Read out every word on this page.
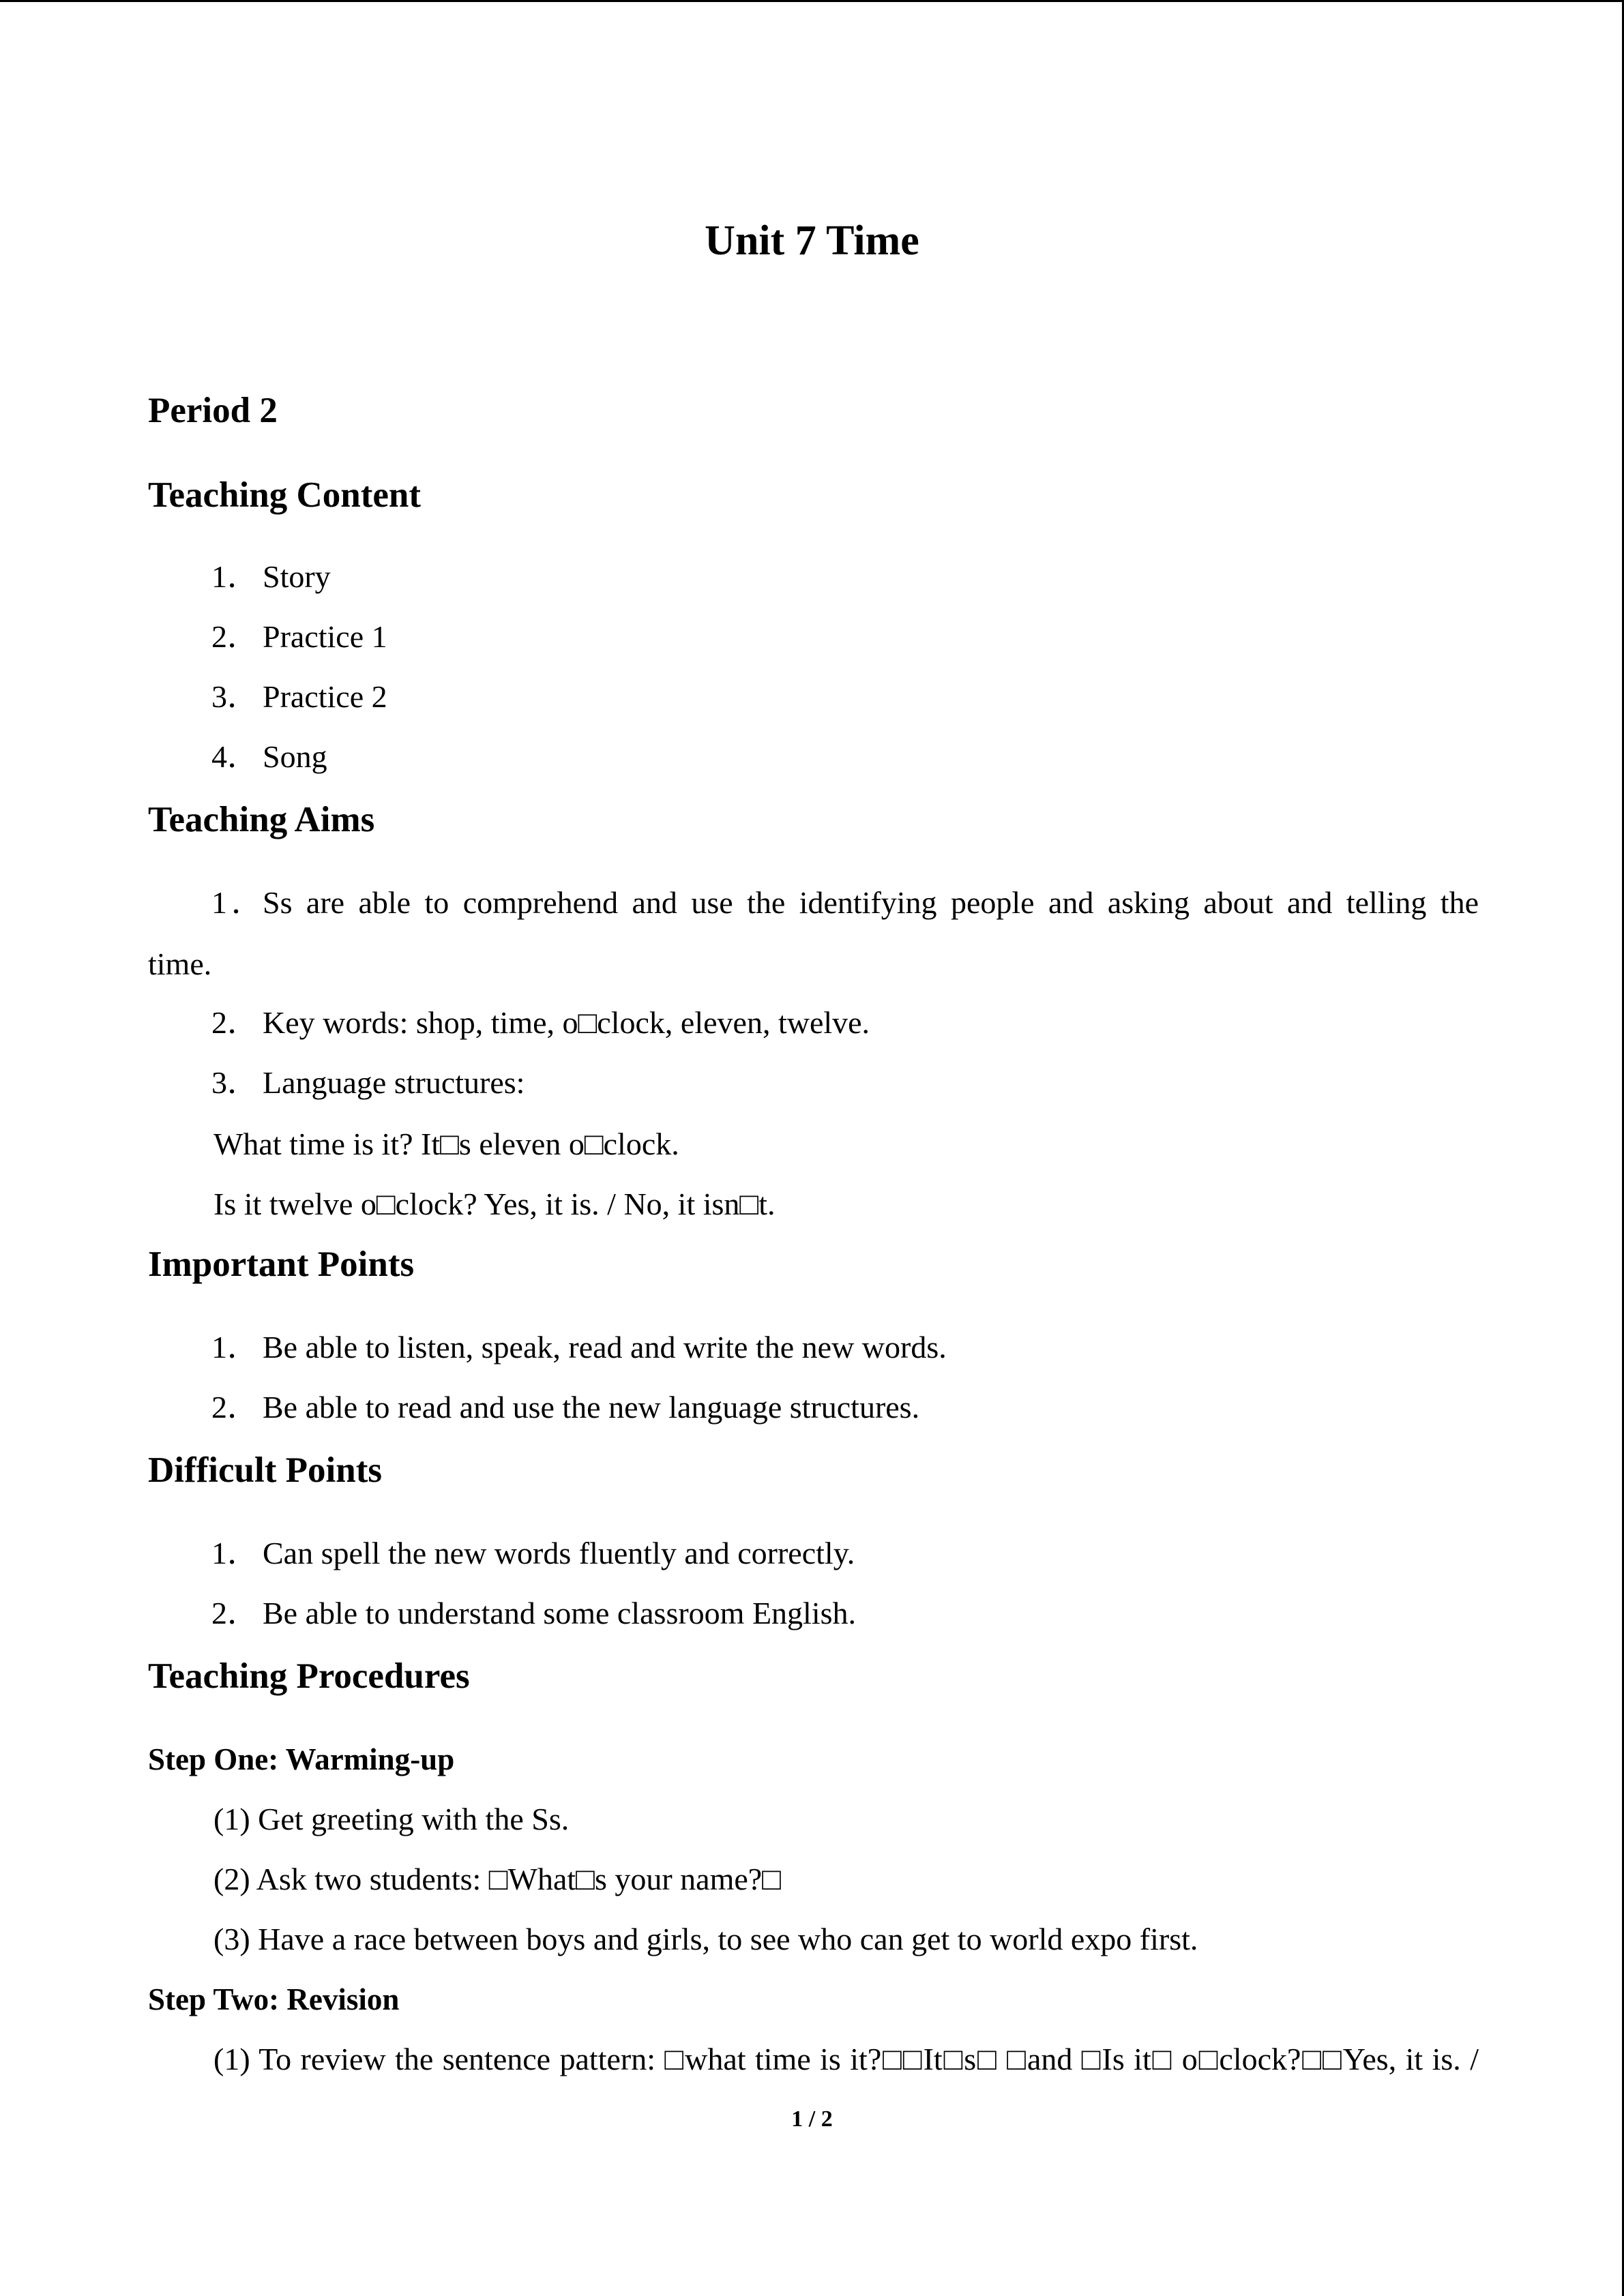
Unit 7 Time
Period 2
Teaching Content
1． Story
2． Practice 1
3． Practice 2
4． Song
Teaching Aims
1．Ss are able to comprehend and use the identifying people and asking about and telling the
time.
2． Key words: shop, time, o□clock, eleven, twelve.
3． Language structures:
What time is it? It□s eleven o□clock.
Is it twelve o□clock? Yes, it is. / No, it isn□t.
Important Points
1． Be able to listen, speak, read and write the new words.
2． Be able to read and use the new language structures.
Difficult Points
1． Can spell the new words fluently and correctly.
2． Be able to understand some classroom English.
Teaching Procedures
Step One: Warming-up
(1) Get greeting with the Ss.
(2) Ask two students: □What□s your name?□
(3) Have a race between boys and girls, to see who can get to world expo first.
Step Two: Revision
(1) To review the sentence pattern: □what time is it?□□It□s□ □and □Is it□ o□clock?□□Yes, it is. /
1 / 2
